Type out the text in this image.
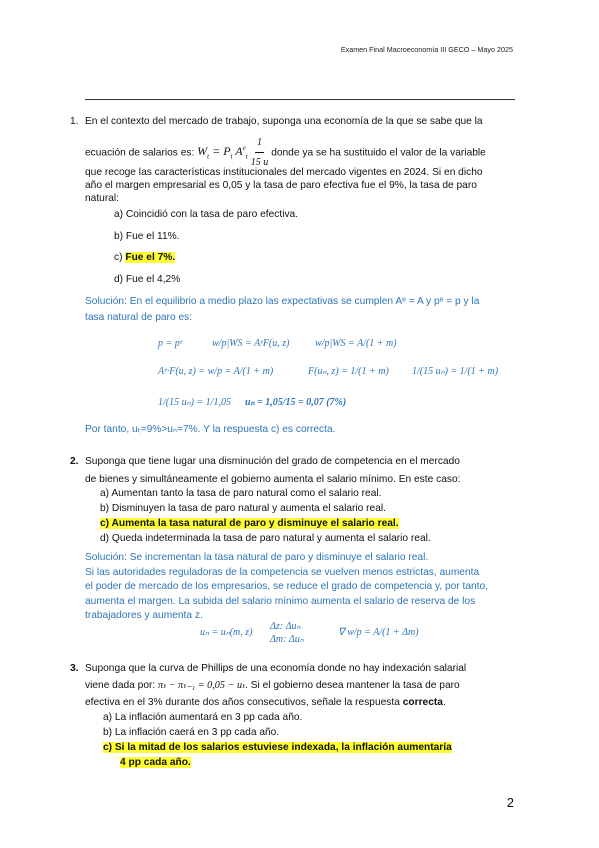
Examen Final Macroeconomía III GECO – Mayo 2025
1. En el contexto del mercado de trabajo, suponga una economía de la que se sabe que la
ecuación de salarios es: $W_t = P_t$ $A^e_t \frac{1}{15 u}$ donde ya se ha sustituido el valor de la variable
que recoge las características institucionales del mercado vigentes en 2024. Si en dicho
año el margen empresarial es 0,05 y la tasa de paro efectiva fue el 9%, la tasa de paro
natural:
a) Coincidió con la tasa de paro efectiva.
b) Fue el 11%.
c) Fue el 7%.
d) Fue el 4,2%
Solución: En el equilibrio a medio plazo las expectativas se cumplen Aᵉ = A y pᵉ = p y la
tasa natural de paro es:
p = pᵉ	w/p|WS = AᵉF(u, z)	w/p|WS = A/(1 + m)
Aᵉ·F(u, z) = w/p = A/(1 + m)	F(uₙ, z) = 1/(1 + m) 1/(15 uₙ) = 1/(1 + m)
1/(15 uₙ) = 1/1,05 uₙ = 1,05/15 = 0,07 (7%)
Por tanto, uₜ=9%>uₙ=7%. Y la respuesta c) es correcta.
2. Suponga que tiene lugar una disminución del grado de competencia en el mercado
de bienes y simultáneamente el gobierno aumenta el salario mínimo. En este caso:
a) Aumentan tanto la tasa de paro natural como el salario real.
b) Disminuyen la tasa de paro natural y aumenta el salario real.
c) Aumenta la tasa natural de paro y disminuye el salario real.
d) Queda indeterminada la tasa de paro natural y aumenta el salario real.
Solución: Se incrementan la tasa natural de paro y disminuye el salario real.
Si las autoridades reguladoras de la competencia se vuelven menos estrictas, aumenta
el poder de mercado de los empresarios, se reduce el grado de competencia y, por tanto,
aumenta el margen. La subida del salario mínimo aumenta el salario de reserva de los
trabajadores y aumenta z.
uₙ = uₙ(m, z)
Δz: Δuₙ
Δm: Δuₙ
∇ w/p = A/(1 + Δm)
3. Suponga que la curva de Phillips de una economía donde no hay indexación salarial
viene dada por: πₜ − πₜ₋₁ = 0,05 − uₜ. Si el gobierno desea mantener la tasa de paro
efectiva en el 3% durante dos años consecutivos, señale la respuesta correcta.
a) La inflación aumentará en 3 pp cada año.
b) La inflación caerá en 3 pp cada año.
c) Si la mitad de los salarios estuviese indexada, la inflación aumentaría
4 pp cada año.
2
